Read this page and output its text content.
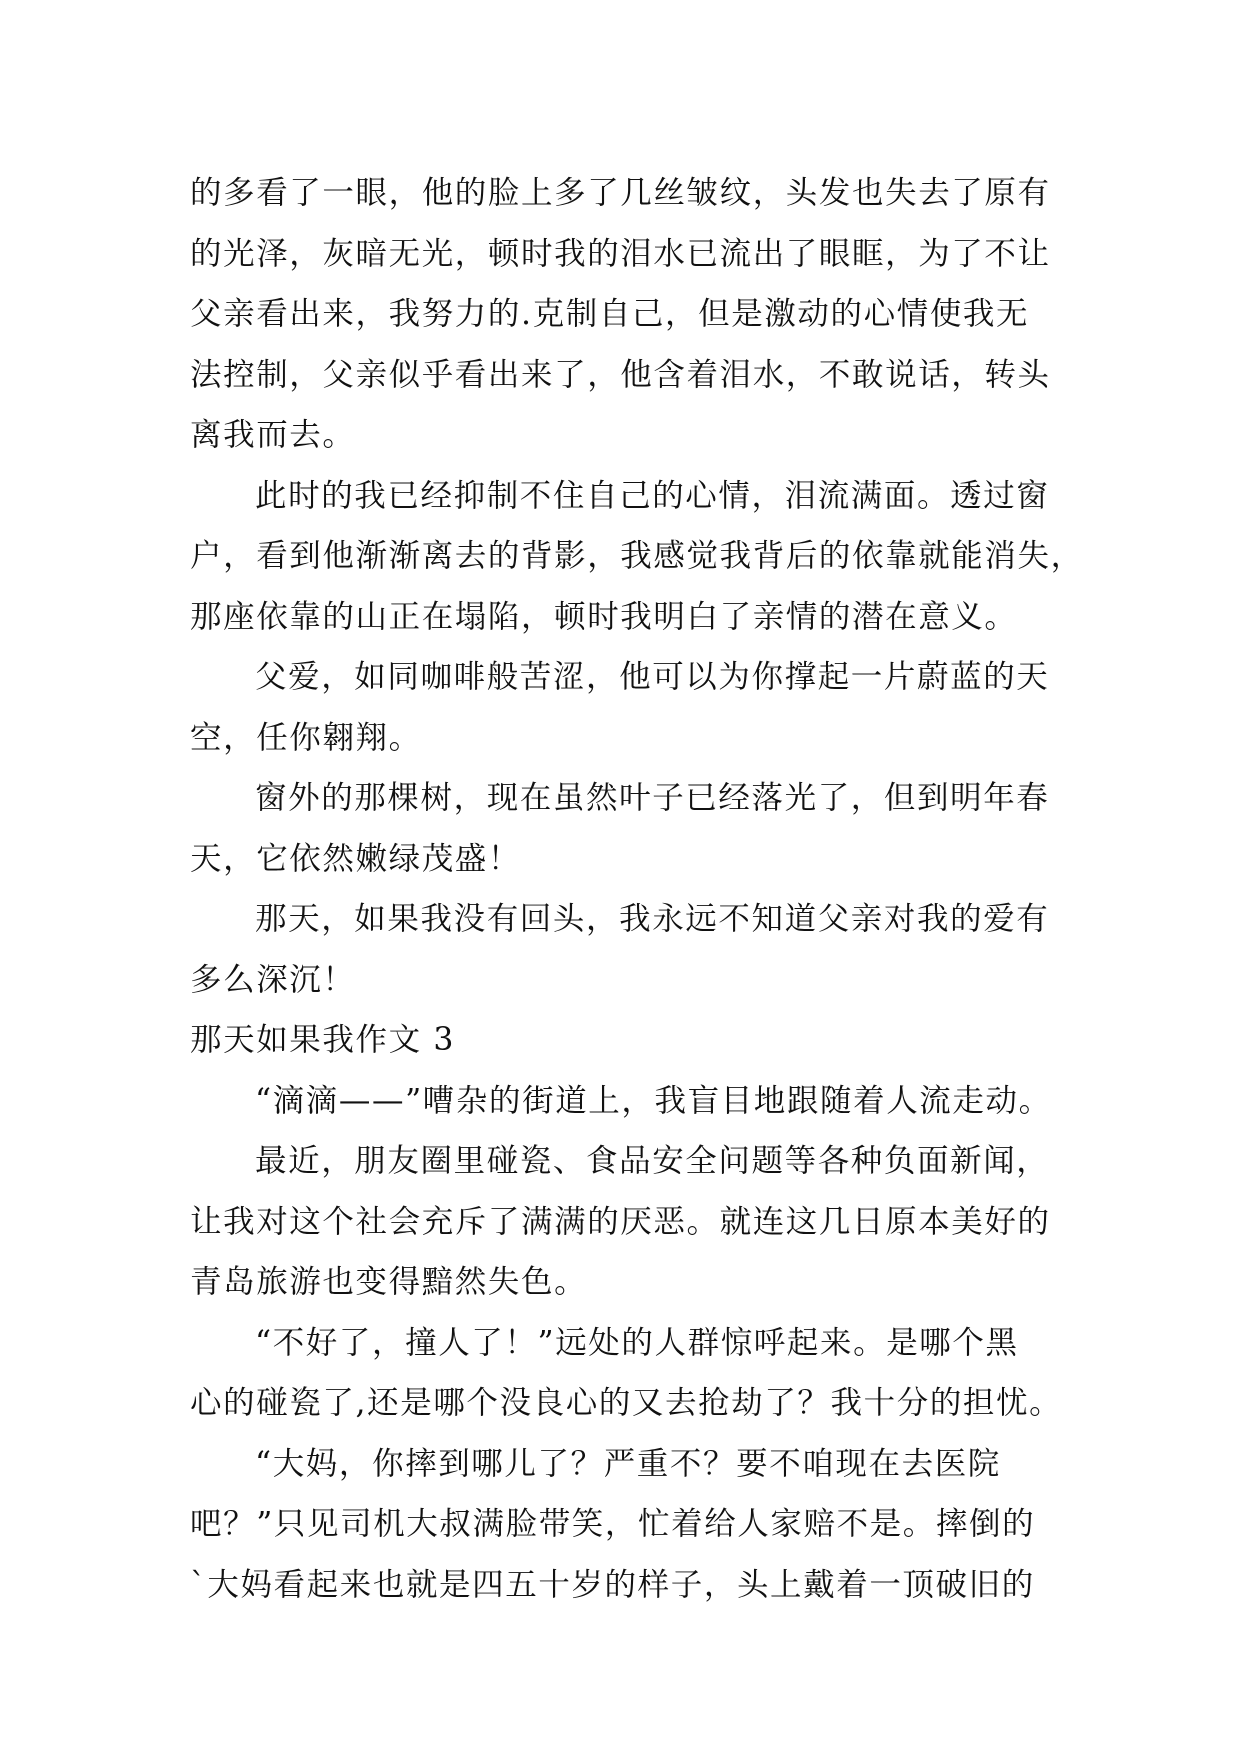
的多看了一眼，他的脸上多了几丝皱纹，头发也失去了原有
的光泽，灰暗无光，顿时我的泪水已流出了眼眶，为了不让
父亲看出来，我努力的.克制自己，但是激动的心情使我无
法控制，父亲似乎看出来了，他含着泪水，不敢说话，转头
离我而去。
此时的我已经抑制不住自己的心情，泪流满面。透过窗
户，看到他渐渐离去的背影，我感觉我背后的依靠就能消失，
那座依靠的山正在塌陷，顿时我明白了亲情的潜在意义。
父爱，如同咖啡般苦涩，他可以为你撑起一片蔚蓝的天
空，任你翱翔。
窗外的那棵树，现在虽然叶子已经落光了，但到明年春
天，它依然嫩绿茂盛！
那天，如果我没有回头，我永远不知道父亲对我的爱有
多么深沉！
那天如果我作文 3
“滴滴——”嘈杂的街道上，我盲目地跟随着人流走动。
最近，朋友圈里碰瓷、食品安全问题等各种负面新闻，
让我对这个社会充斥了满满的厌恶。就连这几日原本美好的
青岛旅游也变得黯然失色。
“不好了，撞人了！”远处的人群惊呼起来。是哪个黑
心的碰瓷了,还是哪个没良心的又去抢劫了？我十分的担忧。
“大妈，你摔到哪儿了？严重不？要不咱现在去医院
吧？”只见司机大叔满脸带笑，忙着给人家赔不是。摔倒的
`大妈看起来也就是四五十岁的样子，头上戴着一顶破旧的
